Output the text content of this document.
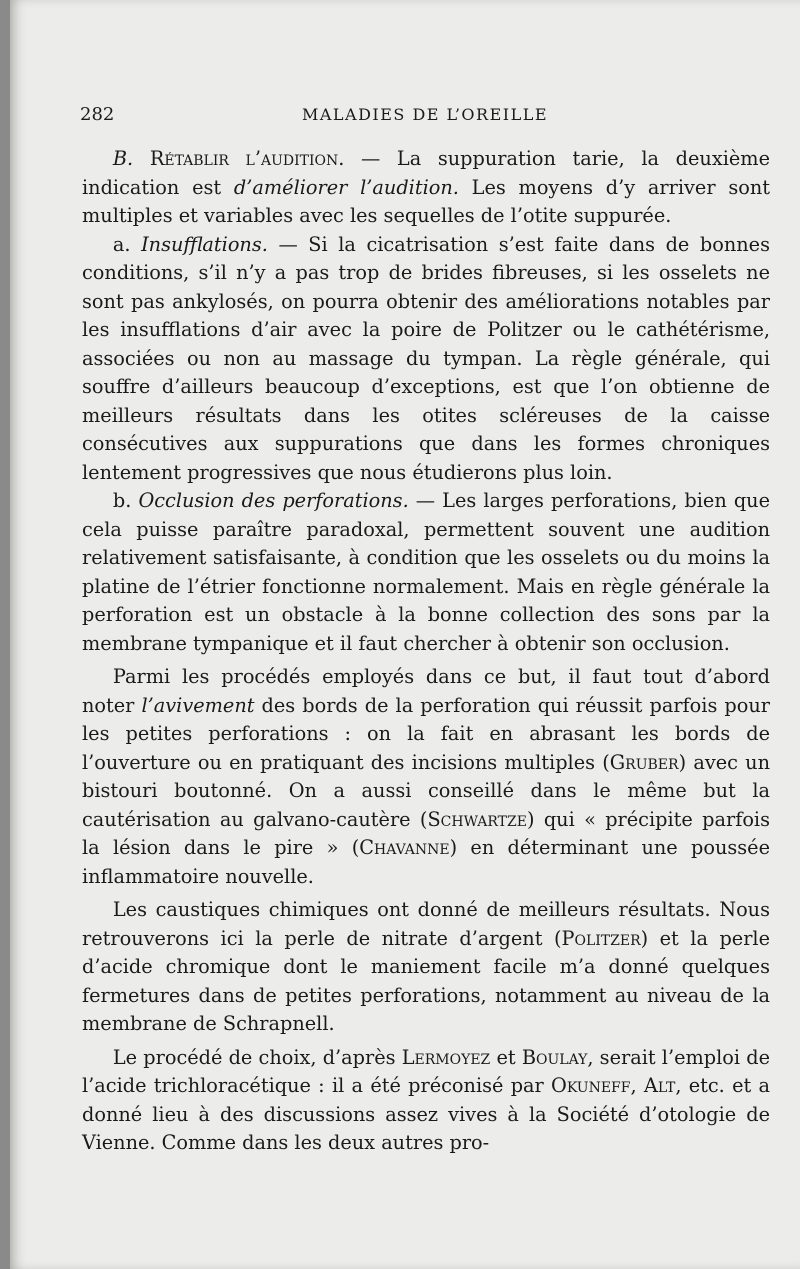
282	MALADIES DE L’OREILLE

B. Rétablir l’audition. — La suppuration tarie, la deuxième indication est d’améliorer l’audition. Les moyens d’y arriver sont multiples et variables avec les sequelles de l’otite suppurée.

a. Insufflations. — Si la cicatrisation s’est faite dans de bonnes conditions, s’il n’y a pas trop de brides fibreuses, si les osselets ne sont pas ankylosés, on pourra obtenir des améliorations notables par les insufflations d’air avec la poire de Politzer ou le cathétérisme, associées ou non au massage du tympan. La règle générale, qui souffre d’ailleurs beaucoup d’exceptions, est que l’on obtienne de meilleurs résultats dans les otites scléreuses de la caisse consécutives aux suppurations que dans les formes chroniques lentement progressives que nous étudierons plus loin.

b. Occlusion des perforations. — Les larges perforations, bien que cela puisse paraître paradoxal, permettent souvent une audition relativement satisfaisante, à condition que les osselets ou du moins la platine de l’étrier fonctionne normalement. Mais en règle générale la perforation est un obstacle à la bonne collection des sons par la membrane tympanique et il faut chercher à obtenir son occlusion.

Parmi les procédés employés dans ce but, il faut tout d’abord noter l’avivement des bords de la perforation qui réussit parfois pour les petites perforations : on la fait en abrasant les bords de l’ouverture ou en pratiquant des incisions multiples (Gruber) avec un bistouri boutonné. On a aussi conseillé dans le même but la cautérisation au galvano-cautère (Schwartze) qui « précipite parfois la lésion dans le pire » (Chavanne) en déterminant une poussée inflammatoire nouvelle.

Les caustiques chimiques ont donné de meilleurs résultats. Nous retrouverons ici la perle de nitrate d’argent (Politzer) et la perle d’acide chromique dont le maniement facile m’a donné quelques fermetures dans de petites perforations, notamment au niveau de la membrane de Schrapnell.

Le procédé de choix, d’après Lermoyez et Boulay, serait l’emploi de l’acide trichloracétique : il a été préconisé par Okuneff, Alt, etc. et a donné lieu à des discussions assez vives à la Société d’otologie de Vienne. Comme dans les deux autres pro-
